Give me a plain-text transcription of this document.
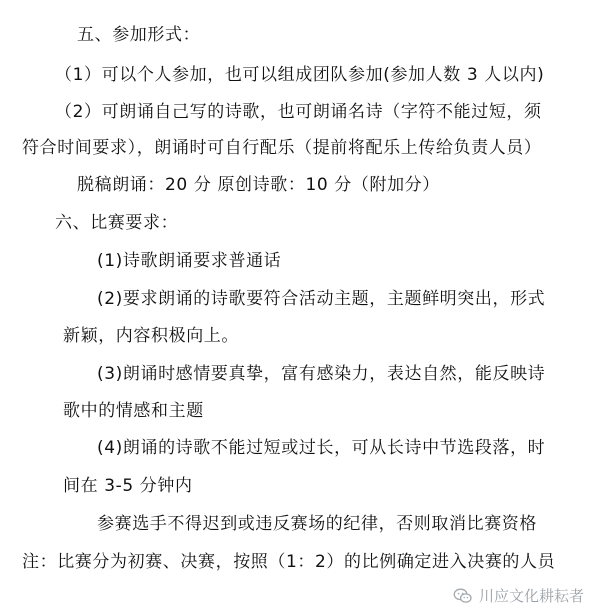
五、参加形式：
（1）可以个人参加，也可以组成团队参加(参加人数 3 人以内)
（2）可朗诵自己写的诗歌，也可朗诵名诗（字符不能过短，须
符合时间要求），朗诵时可自行配乐（提前将配乐上传给负责人员）
脱稿朗诵：20 分 原创诗歌：10 分（附加分）
六、比赛要求：
(1)诗歌朗诵要求普通话
(2)要求朗诵的诗歌要符合活动主题，主题鲜明突出，形式
新颖，内容积极向上。
(3)朗诵时感情要真挚，富有感染力，表达自然，能反映诗
歌中的情感和主题
(4)朗诵的诗歌不能过短或过长，可从长诗中节选段落，时
间在 3-5 分钟内
参赛选手不得迟到或违反赛场的纪律，否则取消比赛资格
注：比赛分为初赛、决赛，按照（1：2）的比例确定进入决赛的人员
川应文化耕耘者
